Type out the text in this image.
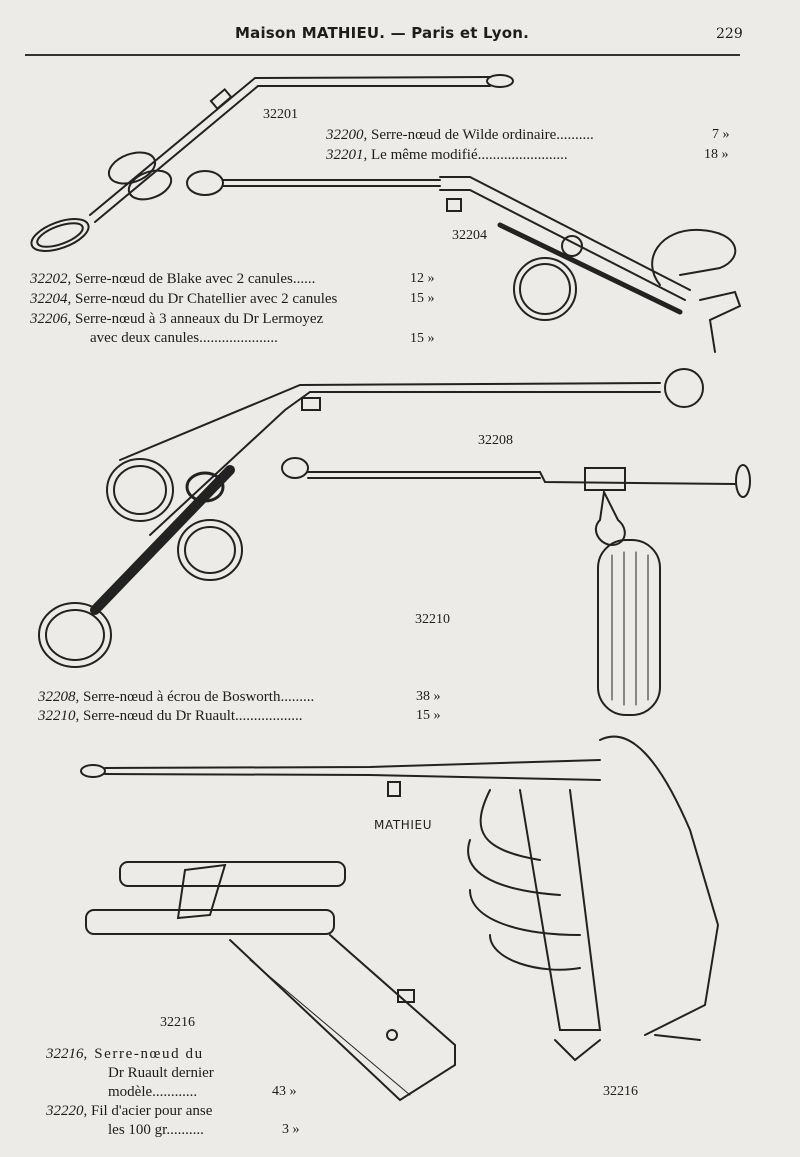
Maison MATHIEU. — Paris et Lyon.	229
32201
32204
32208
32210
32216
32216
MATHIEU
32200, Serre-nœud de Wilde ordinaire..........	7 »
32201, Le même modifié........................	18 »
32202, Serre-nœud de Blake avec 2 canules......	12 »
32204, Serre-nœud du Dr Chatellier avec 2 canules	15 »
32206, Serre-nœud à 3 anneaux du Dr Lermoyez
avec deux canules.....................	15 »
32208, Serre-nœud à écrou de Bosworth.........	38 »
32210, Serre-nœud du Dr Ruault..................	15 »
32216, Serre-nœud du
Dr Ruault dernier
modèle............	43 »
32220, Fil d'acier pour anse
les 100 gr..........	3 »
